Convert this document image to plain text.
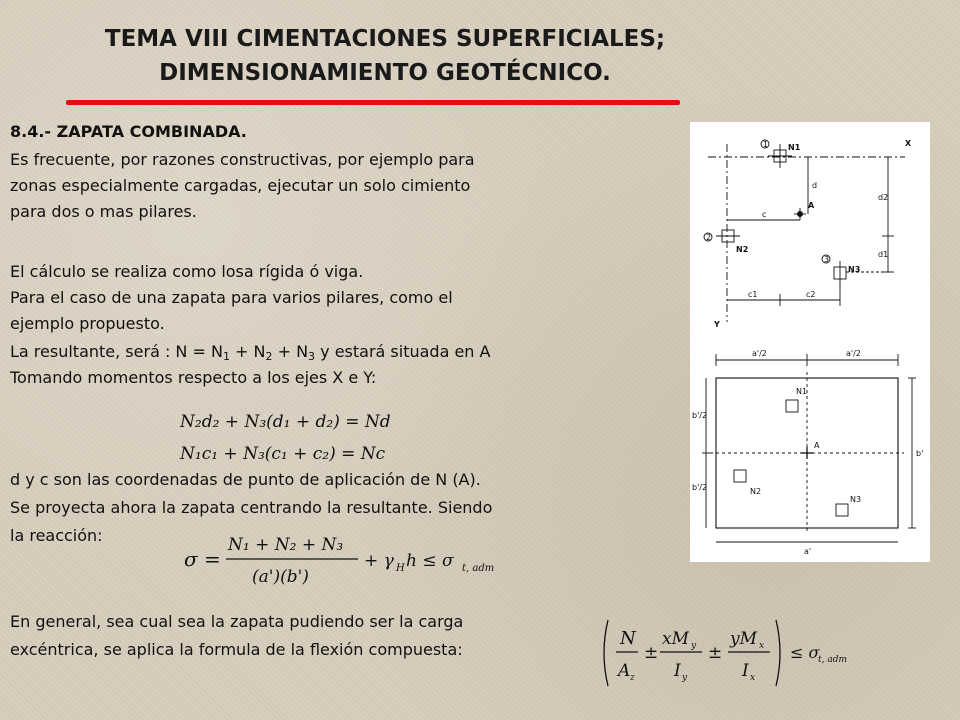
TEMA VIII CIMENTACIONES SUPERFICIALES;
DIMENSIONAMIENTO GEOTÉCNICO.
8.4.- ZAPATA COMBINADA.
Es frecuente, por razones constructivas, por ejemplo para
zonas especialmente cargadas, ejecutar un solo cimiento
para dos o mas pilares.
El cálculo se realiza como losa rígida ó viga.
Para el caso de una zapata para varios pilares, como el
ejemplo propuesto.
La resultante, será : $N = N_1 + N_2 + N_3$ y estará situada en A
Tomando momentos respecto a los ejes X e Y:
N₂d₂ + N₃(d₁ + d₂) = Nd
N₁c₁ + N₃(c₁ + c₂) = Nc
d y c son las coordenadas de punto de aplicación de N (A).
Se proyecta ahora la zapata centrando la resultante. Siendo
la reacción:
σ =
N₁ + N₂ + N₃
(a')(b')
+ γ H h ≤ σ t, adm
En general, sea cual sea la zapata pudiendo ser la carga
excéntrica, se aplica la formula de la flexión compuesta:
N
A z
±
xM y
I y
±
yM x
I x
≤ σ
t, adm
N1
N2
N3
1
2
3
A
X
Y
c
d
d2
d1
c1	c2
a'/2	a'/2
b'/2
b'/2
b'
a'
N1
N2
N3
A
